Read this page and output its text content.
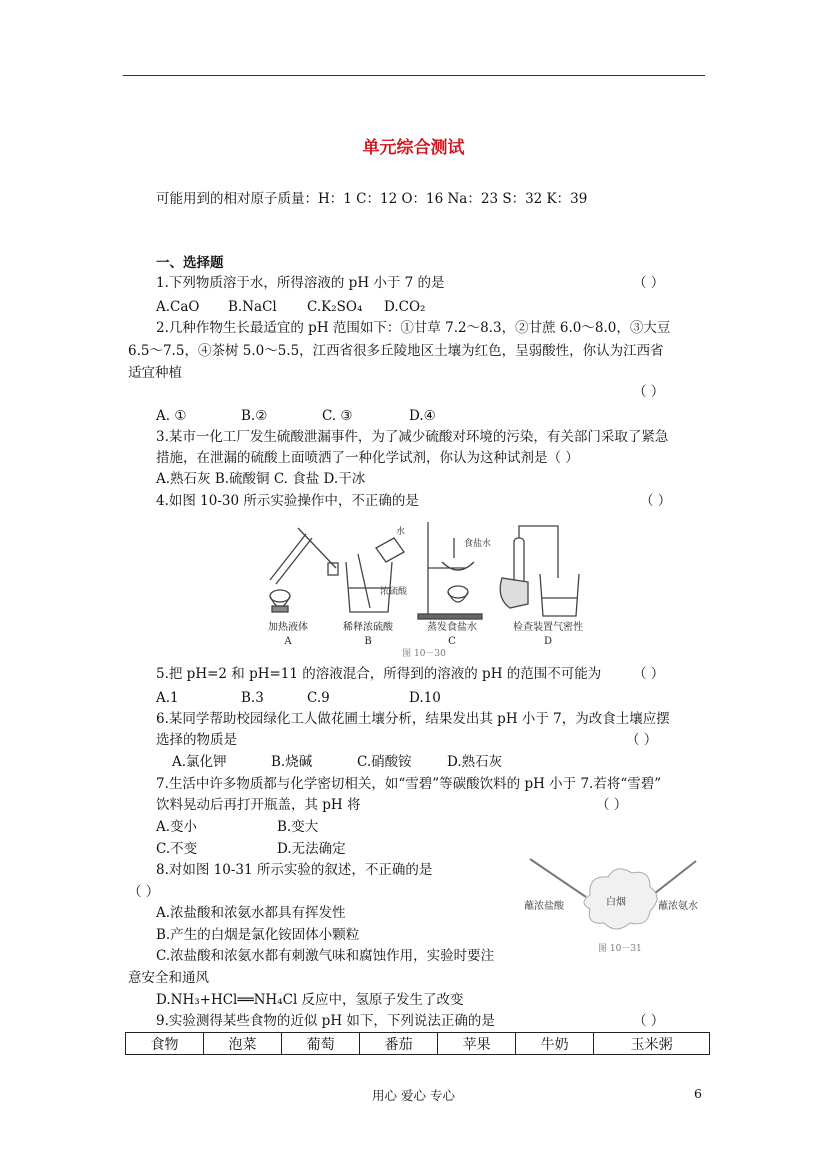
单元综合测试
可能用到的相对原子质量：H：1 C：12 O：16 Na：23 S：32 K：39
一、选择题
1.下列物质溶于水，所得溶液的 pH 小于 7 的是	（ ）
A.CaO B.NaCl C.K₂SO₄ D.CO₂
2.几种作物生长最适宜的 pH 范围如下：①甘草 7.2～8.3，②甘蔗 6.0～8.0，③大豆
6.5～7.5，④茶树 5.0～5.5，江西省很多丘陵地区土壤为红色，呈弱酸性，你认为江西省
适宜种植
（ ）
A. ①	B.②	C. ③	D.④
3.某市一化工厂发生硫酸泄漏事件，为了减少硫酸对环境的污染，有关部门采取了紧急
措施，在泄漏的硫酸上面喷洒了一种化学试剂，你认为这种试剂是（ ）
A.熟石灰 B.硫酸铜 C. 食盐 D.干冰
4.如图 10-30 所示实验操作中，不正确的是	（ ）
水
浓硫酸
食盐水
加热液体	稀释浓硫酸	蒸发食盐水	检查装置气密性
A	B	C	D
图 10－30
5.把 pH=2 和 pH=11 的溶液混合，所得到的溶液的 pH 的范围不可能为 （ ）
A.1	B.3	C.9	D.10
6.某同学帮助校园绿化工人做花圃土壤分析，结果发出其 pH 小于 7，为改食土壤应摆
选择的物质是	（ ）
A.氯化钾	B.烧碱	C.硝酸铵	D.熟石灰
7.生活中许多物质都与化学密切相关，如“雪碧”等碳酸饮料的 pH 小于 7.若将“雪碧”
饮料晃动后再打开瓶盖，其 pH 将	（ ）
A.变小	B.变大
C.不变	D.无法确定
8.对如图 10-31 所示实验的叙述，不正确的是
（ ）
A.浓盐酸和浓氨水都具有挥发性
B.产生的白烟是氯化铵固体小颗粒
C.浓盐酸和浓氨水都有刺激气味和腐蚀作用，实验时要注
意安全和通风
D.NH₃+HCl══NH₄Cl 反应中，氢原子发生了改变
蘸浓盐酸	白烟	蘸浓氨水
图 10－31
9.实验测得某些食物的近似 pH 如下，下列说法正确的是	（ ）
食物	泡菜	葡萄	番茄	苹果	牛奶	玉米粥
用心 爱心 专心	6
